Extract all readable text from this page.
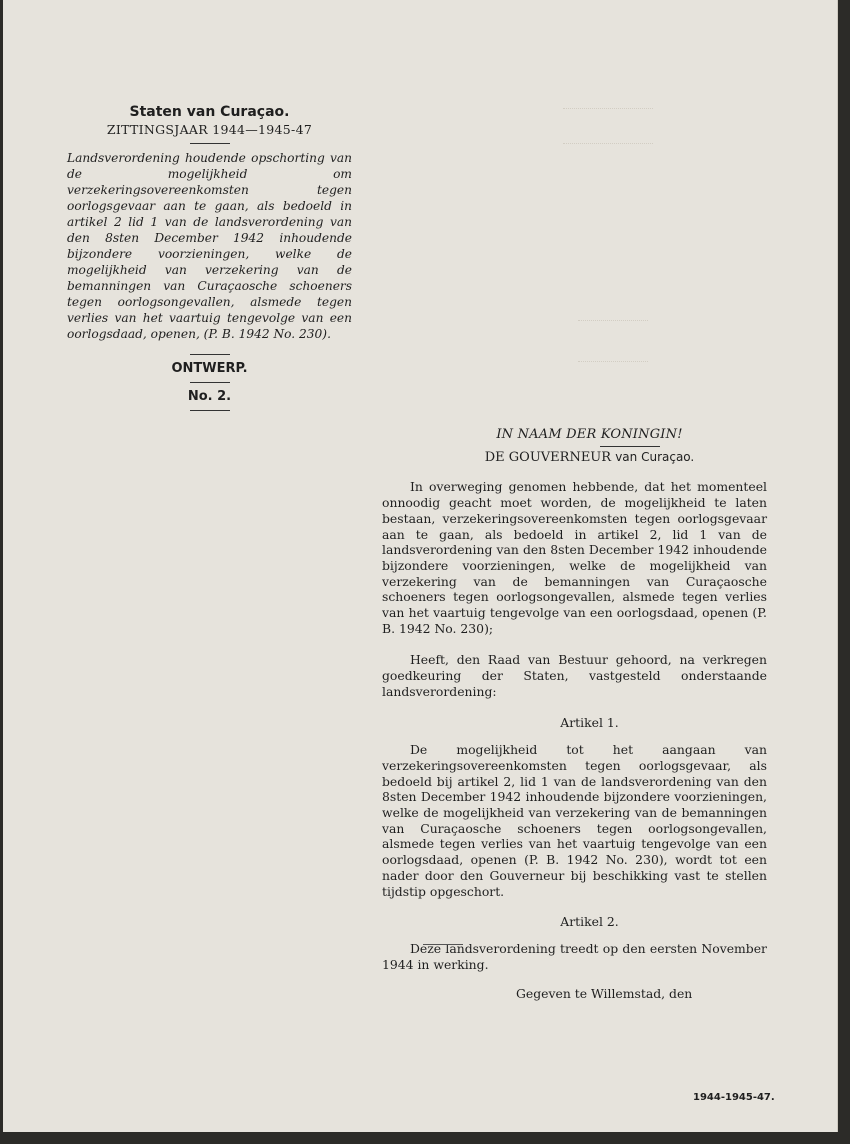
Staten van Curaçao.
ZITTINGSJAAR 1944—1945-47
Landsverordening houdende opschorting van de mogelijkheid om verzekeringsovereenkomsten tegen oorlogsgevaar aan te gaan, als bedoeld in artikel 2 lid 1 van de landsverordening van den 8sten December 1942 inhoudende bijzondere voorzieningen, welke de mogelijkheid van verzekering van de bemanningen van Curaçaosche schoeners tegen oorlogsongevallen, alsmede tegen verlies van het vaartuig tengevolge van een oorlogsdaad, openen, (P. B. 1942 No. 230).
ONTWERP.
No. 2.
IN NAAM DER KONINGIN!
DE GOUVERNEUR van Curaçao.

In overweging genomen hebbende, dat het momenteel onnoodig geacht moet worden, de mogelijkheid te laten bestaan, verzekeringsovereenkomsten tegen oorlogsgevaar aan te gaan, als bedoeld in artikel 2, lid 1 van de landsverordening van den 8sten December 1942 inhoudende bijzondere voorzieningen, welke de mogelijkheid van verzekering van de bemanningen van Curaçaosche schoeners tegen oorlogsongevallen, alsmede tegen verlies van het vaartuig tengevolge van een oorlogsdaad, openen (P. B. 1942 No. 230);

Heeft, den Raad van Bestuur gehoord, na verkregen goedkeuring der Staten, vastgesteld onderstaande landsverordening:

Artikel 1.

De mogelijkheid tot het aangaan van verzekeringsovereenkomsten tegen oorlogsgevaar, als bedoeld bij artikel 2, lid 1 van de landsverordening van den 8sten December 1942 inhoudende bijzondere voorzieningen, welke de mogelijkheid van verzekering van de bemanningen van Curaçaosche schoeners tegen oorlogsongevallen, alsmede tegen verlies van het vaartuig tengevolge van een oorlogsdaad, openen (P. B. 1942 No. 230), wordt tot een nader door den Gouverneur bij beschikking vast te stellen tijdstip opgeschort.

Artikel 2.

Deze landsverordening treedt op den eersten November 1944 in werking.

Gegeven te Willemstad, den
1944-1945-47.
